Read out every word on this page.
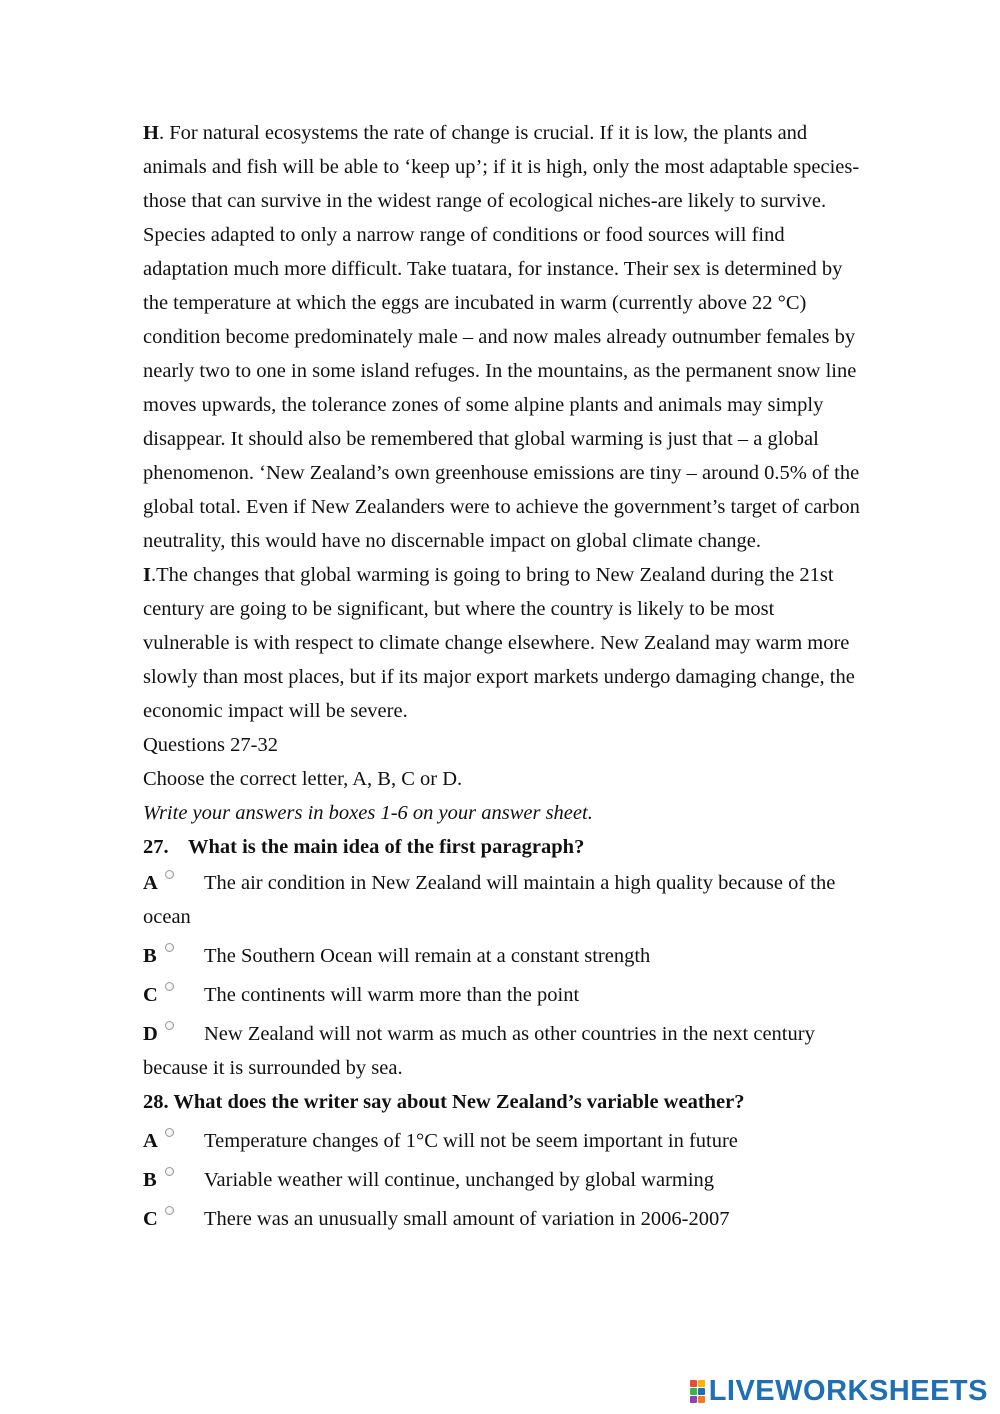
H. For natural ecosystems the rate of change is crucial. If it is low, the plants and animals and fish will be able to ‘keep up’; if it is high, only the most adaptable species-those that can survive in the widest range of ecological niches-are likely to survive. Species adapted to only a narrow range of conditions or food sources will find adaptation much more difficult. Take tuatara, for instance. Their sex is determined by the temperature at which the eggs are incubated in warm (currently above 22 °C) condition become predominately male – and now males already outnumber females by nearly two to one in some island refuges. In the mountains, as the permanent snow line moves upwards, the tolerance zones of some alpine plants and animals may simply disappear. It should also be remembered that global warming is just that – a global phenomenon. ‘New Zealand’s own greenhouse emissions are tiny – around 0.5% of the global total. Even if New Zealanders were to achieve the government’s target of carbon neutrality, this would have no discernable impact on global climate change.

I.The changes that global warming is going to bring to New Zealand during the 21st century are going to be significant, but where the country is likely to be most vulnerable is with respect to climate change elsewhere. New Zealand may warm more slowly than most places, but if its major export markets undergo damaging change, the economic impact will be severe.

Questions 27-32

Choose the correct letter, A, B, C or D.

Write your answers in boxes 1-6 on your answer sheet.

27. What is the main idea of the first paragraph?

A The air condition in New Zealand will maintain a high quality because of the ocean

B The Southern Ocean will remain at a constant strength

C The continents will warm more than the point

D New Zealand will not warm as much as other countries in the next century because it is surrounded by sea.

28. What does the writer say about New Zealand’s variable weather?

A Temperature changes of 1°C will not be seem important in future

B Variable weather will continue, unchanged by global warming

C There was an unusually small amount of variation in 2006-2007

LIVEWORKSHEETS
